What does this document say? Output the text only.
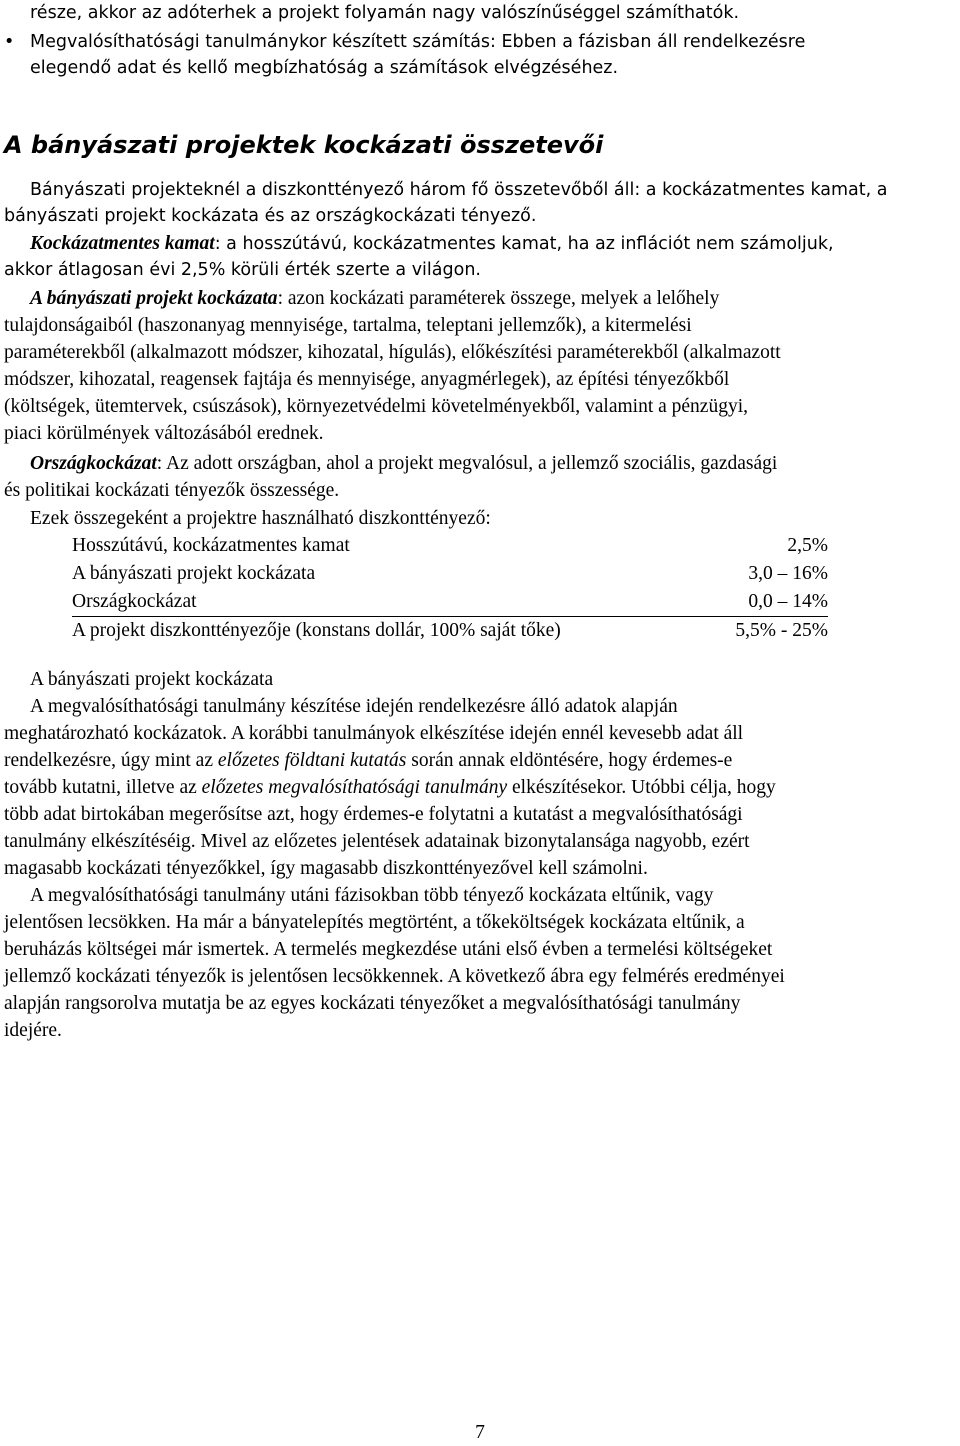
része, akkor az adóterhek a projekt folyamán nagy valószínűséggel számíthatók.

• Megvalósíthatósági tanulmánykor készített számítás: Ebben a fázisban áll rendelkezésre

elegendő adat és kellő megbízhatóság a számítások elvégzéséhez.

A bányászati projektek kockázati összetevői

Bányászati projekteknél a diszkonttényező három fő összetevőből áll: a kockázatmentes kamat, a

bányászati projekt kockázata és az országkockázati tényező.

Kockázatmentes kamat: a hosszútávú, kockázatmentes kamat, ha az inflációt nem számoljuk,

akkor átlagosan évi 2,5% körüli érték szerte a világon.

A bányászati projekt kockázata: azon kockázati paraméterek összege, melyek a lelőhely

tulajdonságaiból (haszonanyag mennyisége, tartalma, teleptani jellemzők), a kitermelési

paraméterekből (alkalmazott módszer, kihozatal, hígulás), előkészítési paraméterekből (alkalmazott

módszer, kihozatal, reagensek fajtája és mennyisége, anyagmérlegek), az építési tényezőkből

(költségek, ütemtervek, csúszások), környezetvédelmi követelményekből, valamint a pénzügyi,

piaci körülmények változásából erednek.

Országkockázat: Az adott országban, ahol a projekt megvalósul, a jellemző szociális, gazdasági

és politikai kockázati tényezők összessége.

Ezek összegeként a projektre használható diszkonttényező:

Hosszútávú, kockázatmentes kamat	2,5%
A bányászati projekt kockázata	3,0 – 16%
Országkockázat	0,0 – 14%
A projekt diszkonttényezője (konstans dollár, 100% saját tőke)	5,5% - 25%

A bányászati projekt kockázata

A megvalósíthatósági tanulmány készítése idején rendelkezésre álló adatok alapján

meghatározható kockázatok. A korábbi tanulmányok elkészítése idején ennél kevesebb adat áll

rendelkezésre, úgy mint az előzetes földtani kutatás során annak eldöntésére, hogy érdemes-e

tovább kutatni, illetve az előzetes megvalósíthatósági tanulmány elkészítésekor. Utóbbi célja, hogy

több adat birtokában megerősítse azt, hogy érdemes-e folytatni a kutatást a megvalósíthatósági

tanulmány elkészítéséig. Mivel az előzetes jelentések adatainak bizonytalansága nagyobb, ezért

magasabb kockázati tényezőkkel, így magasabb diszkonttényezővel kell számolni.

A megvalósíthatósági tanulmány utáni fázisokban több tényező kockázata eltűnik, vagy

jelentősen lecsökken. Ha már a bányatelepítés megtörtént, a tőkeköltségek kockázata eltűnik, a

beruházás költségei már ismertek. A termelés megkezdése utáni első évben a termelési költségeket

jellemző kockázati tényezők is jelentősen lecsökkennek. A következő ábra egy felmérés eredményei

alapján rangsorolva mutatja be az egyes kockázati tényezőket a megvalósíthatósági tanulmány

idejére.

7
